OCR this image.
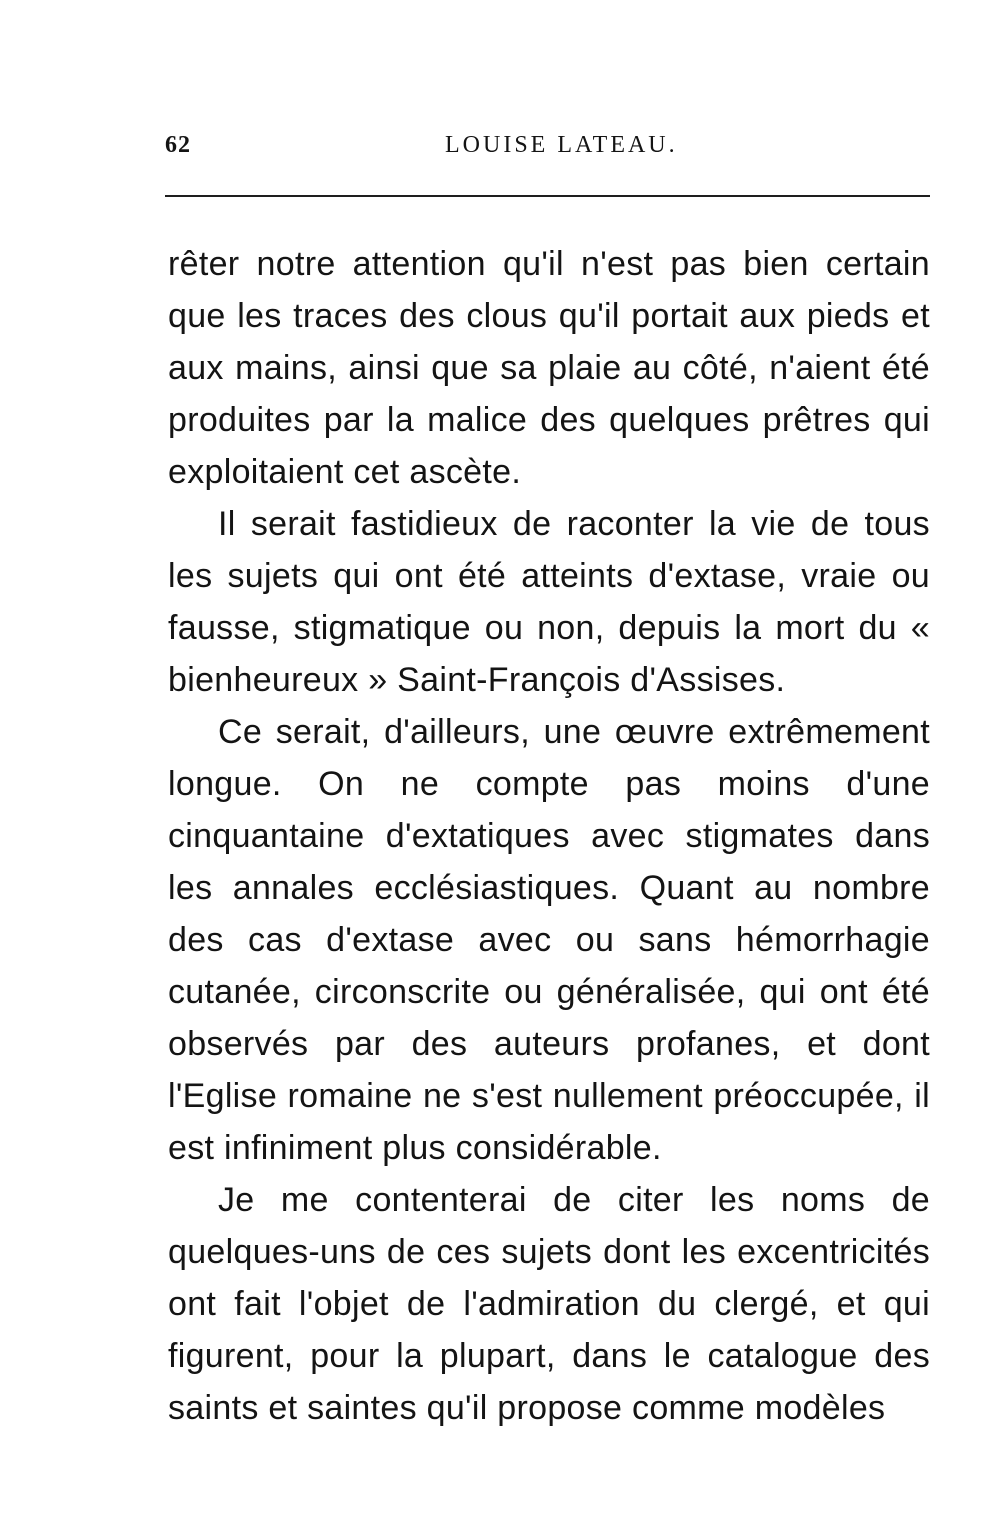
62	LOUISE LATEAU.

rêter notre attention qu'il n'est pas bien certain que les traces des clous qu'il portait aux pieds et aux mains, ainsi que sa plaie au côté, n'aient été produites par la malice des quelques prêtres qui exploitaient cet ascète.

Il serait fastidieux de raconter la vie de tous les sujets qui ont été atteints d'extase, vraie ou fausse, stigmatique ou non, depuis la mort du « bienheureux » Saint-François d'Assises.

Ce serait, d'ailleurs, une œuvre extrêmement longue. On ne compte pas moins d'une cinquantaine d'extatiques avec stigmates dans les annales ecclésiastiques. Quant au nombre des cas d'extase avec ou sans hémorrhagie cutanée, circonscrite ou généralisée, qui ont été observés par des auteurs profanes, et dont l'Eglise romaine ne s'est nullement préoccupée, il est infiniment plus considérable.

Je me contenterai de citer les noms de quelques-uns de ces sujets dont les excentricités ont fait l'objet de l'admiration du clergé, et qui figurent, pour la plupart, dans le catalogue des saints et saintes qu'il propose comme modèles
